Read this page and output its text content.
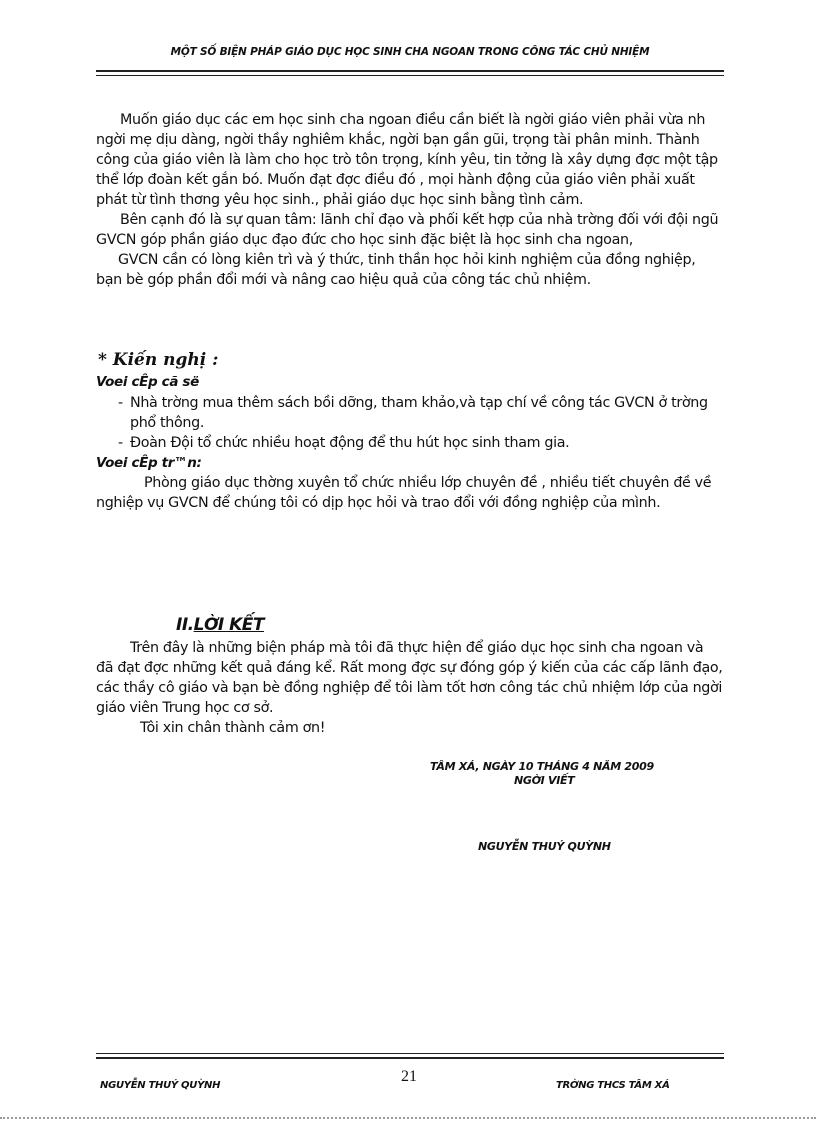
MỘT SỐ BIỆN PHÁP GIÁO DỤC HỌC SINH CHA NGOAN TRONG CÔNG TÁC CHỦ NHIỆM

Muốn giáo dục các em học sinh cha ngoan điều cần biết là ngời giáo viên phải vừa nh ngời mẹ dịu dàng, ngời thầy nghiêm khắc, ngời bạn gần gũi, trọng tài phân minh. Thành công của giáo viên là làm cho học trò tôn trọng, kính yêu, tin tởng là xây dựng đợc một tập thể lớp đoàn kết gắn bó. Muốn đạt đợc điều đó , mọi hành động của giáo viên phải xuất phát từ tình thơng yêu học sinh., phải giáo dục học sinh bằng tình cảm.

Bên cạnh đó là sự quan tâm: lãnh chỉ đạo và phối kết hợp của nhà trờng đối với đội ngũ GVCN góp phần giáo dục đạo đức cho học sinh đặc biệt là học sinh cha ngoan,

GVCN cần có lòng kiên trì và ý thức, tinh thần học hỏi kinh nghiệm của đồng nghiệp, bạn bè góp phần đổi mới và nâng cao hiệu quả của công tác chủ nhiệm.

* Kiến nghị :

Voei cÊp cã së

- Nhà trờng mua thêm sách bồi dỡng, tham khảo,và tạp chí về công tác GVCN ở trờng phổ thông.
- Đoàn Đội tổ chức nhiều hoạt động để thu hút học sinh tham gia.

Voei cÊp tr™n:

Phòng giáo dục thờng xuyên tổ chức nhiều lớp chuyên đề , nhiều tiết chuyên đề về nghiệp vụ GVCN để chúng tôi có dịp học hỏi và trao đổi với đồng nghiệp của mình.

II.LỜI KẾT

Trên đây là những biện pháp mà tôi đã thực hiện để giáo dục học sinh cha ngoan và đã đạt đợc những kết quả đáng kể. Rất mong đợc sự đóng góp ý kiến của các cấp lãnh đạo, các thầy cô giáo và bạn bè đồng nghiệp để tôi làm tốt hơn công tác chủ nhiệm lớp của ngời giáo viên Trung học cơ sở.

Tôi xin chân thành cảm ơn!

TÂM XÁ, NGÀY 10 THÁNG 4 NĂM 2009
NGỜI VIẾT
NGUYỄN THUÝ QUỲNH
NGUYỄN THUÝ QUỲNH
21
TRỜNG THCS TÂM XÁ
